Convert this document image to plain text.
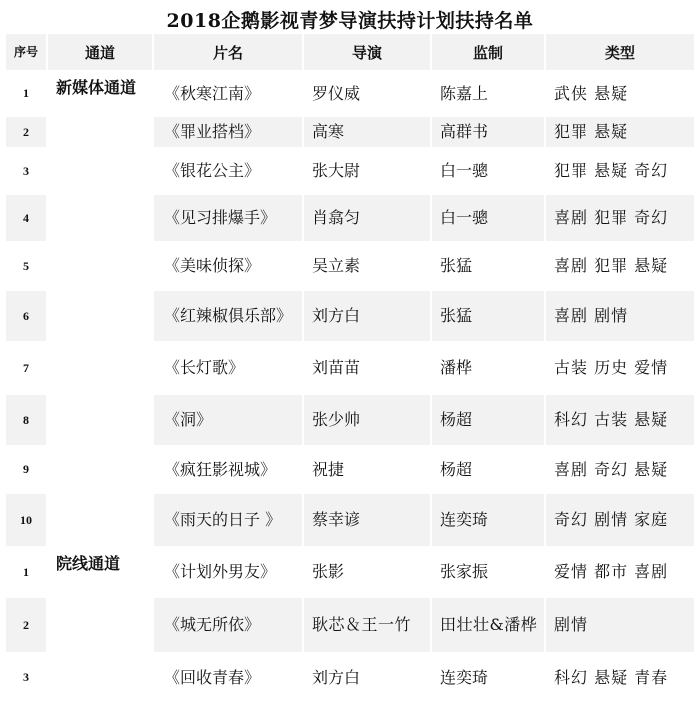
2018企鹅影视青梦导演扶持计划扶持名单
序号	通道	片名	导演	监制	类型
1	新媒体通道	《秋寒江南》	罗仪威	陈嘉上	武侠 悬疑
2		《罪业搭档》	高寒	高群书	犯罪 悬疑
3		《银花公主》	张大尉	白一骢	犯罪 悬疑 奇幻
4		《见习排爆手》	肖翕匀	白一骢	喜剧 犯罪 奇幻
5		《美味侦探》	吴立素	张猛	喜剧 犯罪 悬疑
6		《红辣椒俱乐部》	刘方白	张猛	喜剧 剧情
7		《长灯歌》	刘苗苗	潘桦	古装 历史 爱情
8		《洞》	张少帅	杨超	科幻 古装 悬疑
9		《疯狂影视城》	祝捷	杨超	喜剧 奇幻 悬疑
10		《雨天的日子 》	蔡幸谚	连奕琦	奇幻 剧情 家庭
1	院线通道	《计划外男友》	张影	张家振	爱情 都市 喜剧
2		《城无所依》	耿芯＆王一竹	田壮壮&潘桦	剧情
3		《回收青春》	刘方白	连奕琦	科幻 悬疑 青春
